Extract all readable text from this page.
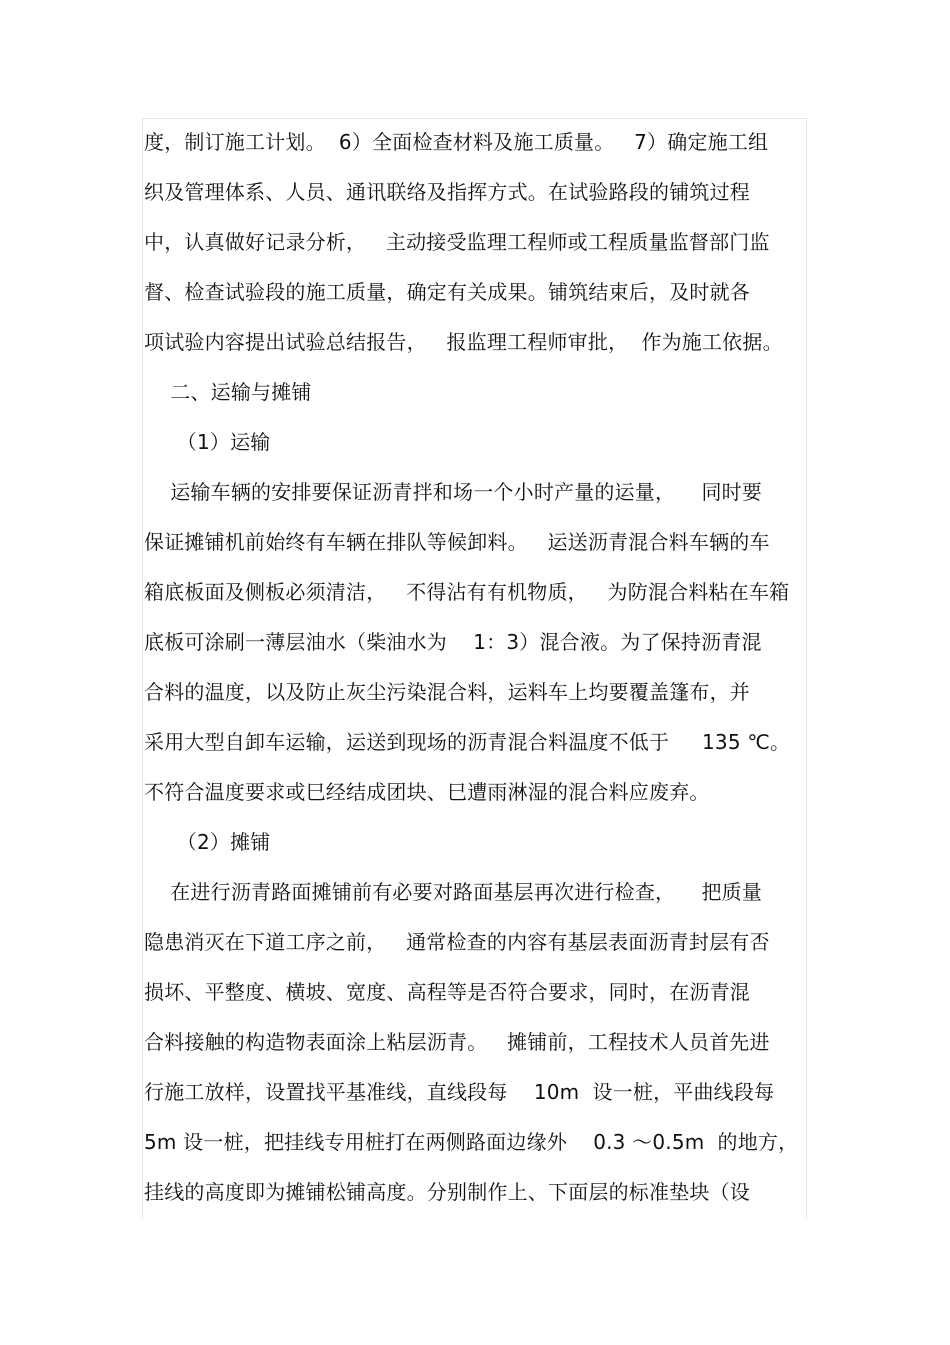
度，制订施工计划。  6）全面检查材料及施工质量。   7）确定施工组
织及管理体系、人员、通讯联络及指挥方式。在试验路段的铺筑过程
中，认真做好记录分析，   主动接受监理工程师或工程质量监督部门监
督、检查试验段的施工质量，确定有关成果。铺筑结束后，及时就各
项试验内容提出试验总结报告，   报监理工程师审批，  作为施工依据。
二、运输与摊铺
（1）运输
运输车辆的安排要保证沥青拌和场一个小时产量的运量，    同时要
保证摊铺机前始终有车辆在排队等候卸料。   运送沥青混合料车辆的车
箱底板面及侧板必须清洁，   不得沾有有机物质，   为防混合料粘在车箱
底板可涂刷一薄层油水（柴油水为    1：3）混合液。为了保持沥青混
合料的温度，以及防止灰尘污染混合料，运料车上均要覆盖篷布，并
采用大型自卸车运输，运送到现场的沥青混合料温度不低于     135 ℃。
不符合温度要求或巳经结成团块、巳遭雨淋湿的混合料应废弃。
（2）摊铺
在进行沥青路面摊铺前有必要对路面基层再次进行检查，    把质量
隐患消灭在下道工序之前，   通常检查的内容有基层表面沥青封层有否
损坏、平整度、横坡、宽度、高程等是否符合要求，同时，在沥青混
合料接触的构造物表面涂上粘层沥青。   摊铺前，工程技术人员首先进
行施工放样，设置找平基准线，直线段每    10m  设一桩，平曲线段每
5m 设一桩，把挂线专用桩打在两侧路面边缘外    0.3 ～0.5m  的地方，
挂线的高度即为摊铺松铺高度。分别制作上、下面层的标准垫块（设
